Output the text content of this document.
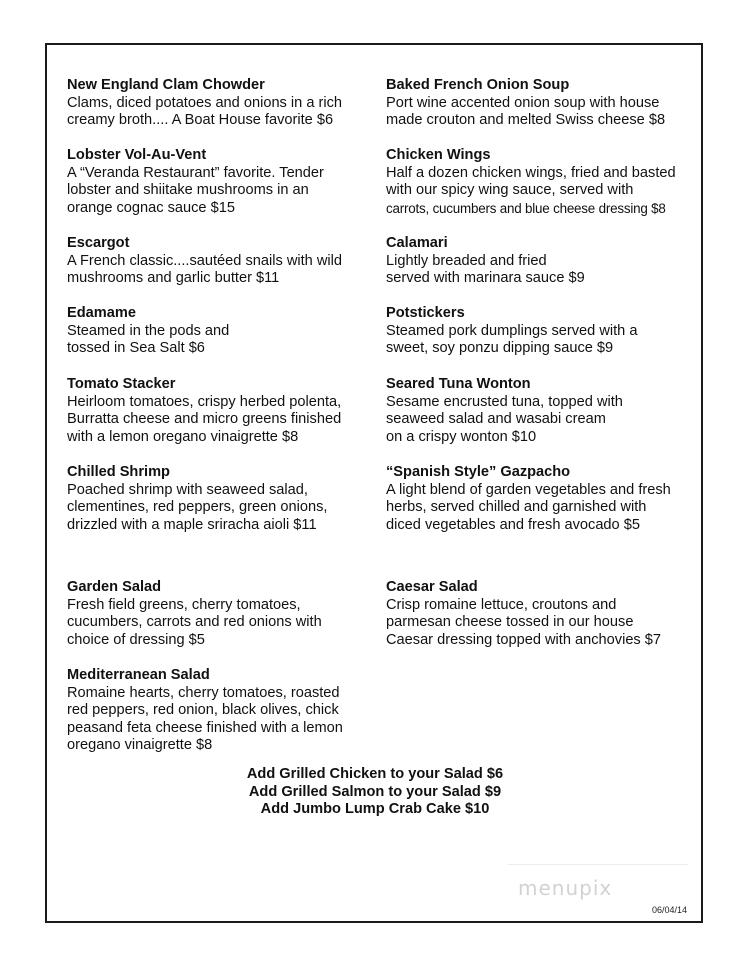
New England Clam Chowder
Clams, diced potatoes and onions in a rich
creamy broth.... A Boat House favorite $6
Lobster Vol-Au-Vent
A “Veranda Restaurant” favorite. Tender
lobster and shiitake mushrooms in an
orange cognac sauce $15
Escargot
A French classic....sautéed snails with wild
mushrooms and garlic butter $11
Edamame
Steamed in the pods and
tossed in Sea Salt $6
Tomato Stacker
Heirloom tomatoes, crispy herbed polenta,
Burratta cheese and micro greens finished
with a lemon oregano vinaigrette $8
Chilled Shrimp
Poached shrimp with seaweed salad,
clementines, red peppers, green onions,
drizzled with a maple sriracha aioli $11
Garden Salad
Fresh field greens, cherry tomatoes,
cucumbers, carrots and red onions with
choice of dressing $5
Mediterranean Salad
Romaine hearts, cherry tomatoes, roasted
red peppers, red onion, black olives, chick
peasand feta cheese finished with a lemon
oregano vinaigrette $8
Baked French Onion Soup
Port wine accented onion soup with house
made crouton and melted Swiss cheese $8
Chicken Wings
Half a dozen chicken wings, fried and basted
with our spicy wing sauce, served with
carrots, cucumbers and blue cheese dressing $8
Calamari
Lightly breaded and fried
served with marinara sauce $9
Potstickers
Steamed pork dumplings served with a
sweet, soy ponzu dipping sauce $9
Seared Tuna Wonton
Sesame encrusted tuna, topped with
seaweed salad and wasabi cream
on a crispy wonton $10
“Spanish Style” Gazpacho
A light blend of garden vegetables and fresh
herbs, served chilled and garnished with
diced vegetables and fresh avocado $5
Caesar Salad
Crisp romaine lettuce, croutons and
parmesan cheese tossed in our house
Caesar dressing topped with anchovies $7
Add Grilled Chicken to your Salad $6
Add Grilled Salmon to your Salad $9
Add Jumbo Lump Crab Cake $10
menupix
06/04/14
